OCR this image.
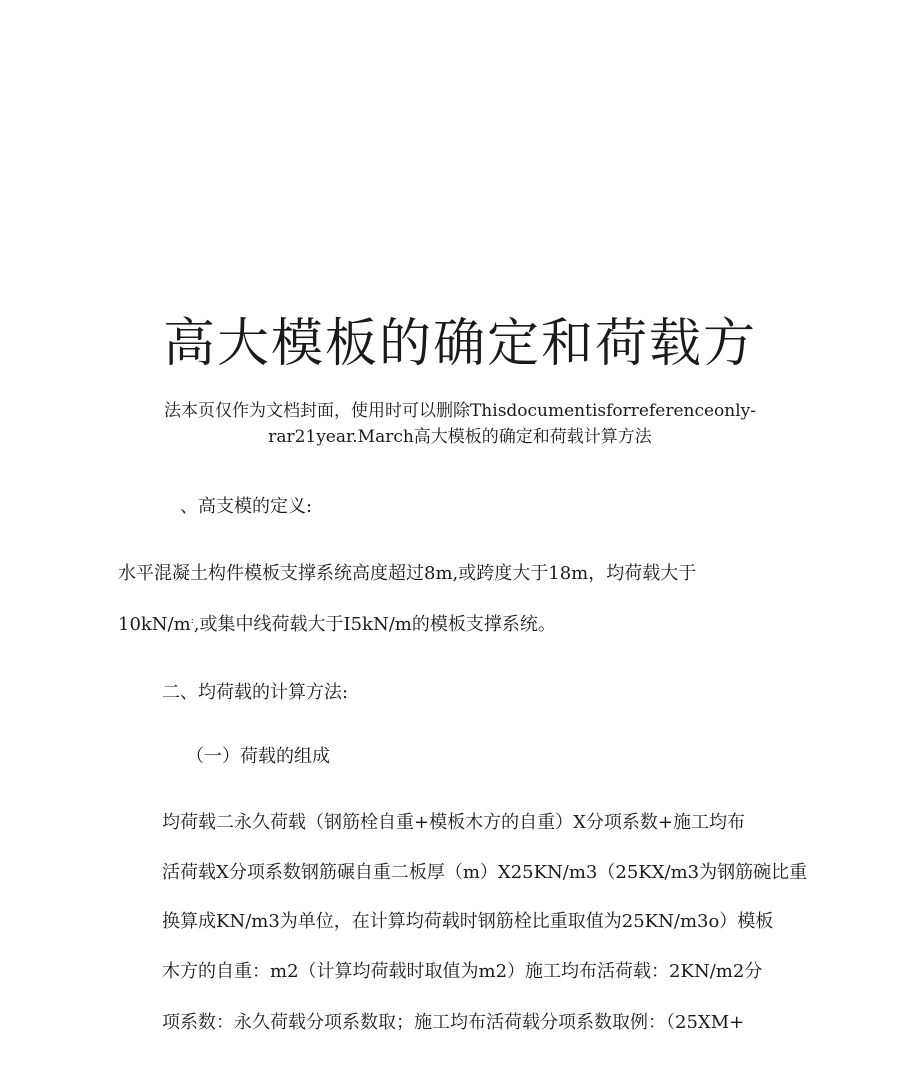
高大模板的确定和荷载方
法本页仅作为文档封面，使用时可以删除Thisdocumentisforreferenceonly-
rar21year.March高大模板的确定和荷载计算方法
、高支模的定义:
水平混凝土构件模板支撑系统高度超过8m,或跨度大于18m，均荷载大于
10kN/m:,或集中线荷载大于I5kN/m的模板支撑系统。
二、均荷载的计算方法:
（一）荷载的组成
均荷载二永久荷载（钢筋栓自重+模板木方的自重）X分项系数+施工均布
活荷载X分项系数钢筋碾自重二板厚（m）X25KN/m3（25KX/m3为钢筋碗比重
换算成KN/m3为单位，在计算均荷载时钢筋栓比重取值为25KN/m3o）模板
木方的自重：m2（计算均荷载时取值为m2）施工均布活荷载：2KN/m2分
项系数：永久荷载分项系数取；施工均布活荷载分项系数取例：（25XM+
